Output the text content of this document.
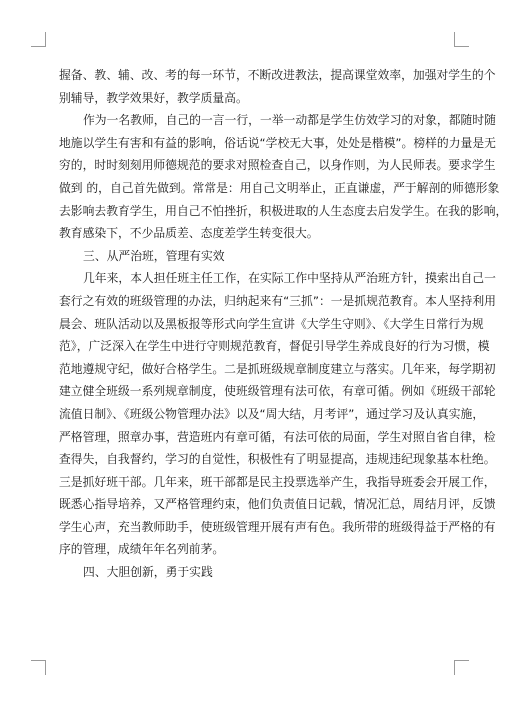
握备、教、辅、改、考的每一环节，不断改进教法，提高课堂效率，加强对学生的个
别辅导，教学效果好，教学质量高。
作为一名教师，自己的一言一行，一举一动都是学生仿效学习的对象，都随时随
地施以学生有害和有益的影响，俗话说“学校无大事，处处是楷模”。榜样的力量是无
穷的，时时刻刻用师德规范的要求对照检查自己，以身作则，为人民师表。要求学生
做到 的，自己首先做到。常常是：用自己文明举止，正直谦虚，严于解剖的师德形象
去影响去教育学生，用自己不怕挫折，积极进取的人生态度去启发学生。在我的影响，
教育感染下，不少品质差、态度差学生转变很大。
三、从严治班，管理有实效
几年来，本人担任班主任工作，在实际工作中坚持从严治班方针，摸索出自己一
套行之有效的班级管理的办法，归纳起来有“三抓”：一是抓规范教育。本人坚持利用
晨会、班队活动以及黑板报等形式向学生宣讲《大学生守则》、《大学生日常行为规
范》，广泛深入在学生中进行守则规范教育，督促引导学生养成良好的行为习惯，模
范地遵规守纪，做好合格学生。二是抓班级规章制度建立与落实。几年来，每学期初
建立健全班级一系列规章制度，使班级管理有法可依，有章可循。例如《班级干部轮
流值日制》、《班级公物管理办法》以及“周大结，月考评”，通过学习及认真实施，
严格管理，照章办事，营造班内有章可循，有法可依的局面，学生对照自省自律，检
查得失，自我督约，学习的自觉性，积极性有了明显提高，违规违纪现象基本杜绝。
三是抓好班干部。几年来，班干部都是民主投票选举产生，我指导班委会开展工作，
既悉心指导培养，又严格管理约束，他们负责值日记载，情况汇总，周结月评，反馈
学生心声，充当教师助手，使班级管理开展有声有色。我所带的班级得益于严格的有
序的管理，成绩年年名列前茅。
四、大胆创新，勇于实践
